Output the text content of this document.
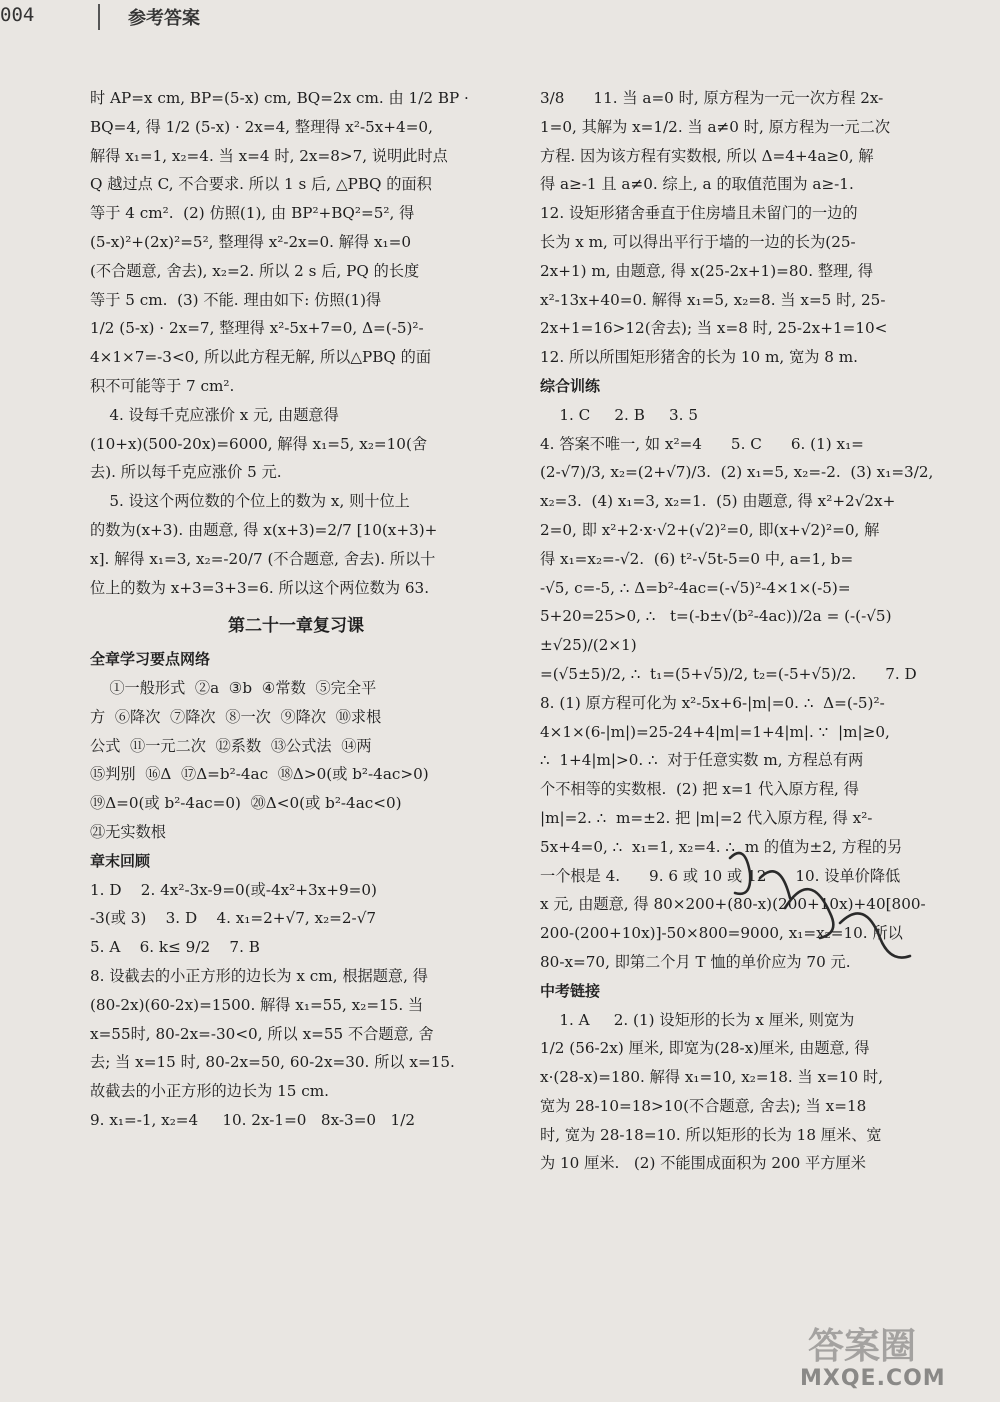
004	参考答案

时 AP=x cm, BP=(5-x) cm, BQ=2x cm. 由 1/2 BP ·

BQ=4, 得 1/2 (5-x) · 2x=4, 整理得 x²-5x+4=0,

解得 x₁=1, x₂=4. 当 x=4 时, 2x=8>7, 说明此时点

Q 越过点 C, 不合要求. 所以 1 s 后, △PBQ 的面积

等于 4 cm².  (2) 仿照(1), 由 BP²+BQ²=5², 得

(5-x)²+(2x)²=5², 整理得 x²-2x=0. 解得 x₁=0

(不合题意, 舍去), x₂=2. 所以 2 s 后, PQ 的长度

等于 5 cm.  (3) 不能. 理由如下: 仿照(1)得

1/2 (5-x) · 2x=7, 整理得 x²-5x+7=0, Δ=(-5)²-

4×1×7=-3<0, 所以此方程无解, 所以△PBQ 的面

积不可能等于 7 cm².

4. 设每千克应涨价 x 元, 由题意得

(10+x)(500-20x)=6000, 解得 x₁=5, x₂=10(舍

去). 所以每千克应涨价 5 元.

5. 设这个两位数的个位上的数为 x, 则十位上

的数为(x+3). 由题意, 得 x(x+3)=2/7 [10(x+3)+

x]. 解得 x₁=3, x₂=-20/7 (不合题意, 舍去). 所以十

位上的数为 x+3=3+3=6. 所以这个两位数为 63.

第二十一章复习课

全章学习要点网络

①一般形式  ②a  ③b  ④常数  ⑤完全平

方  ⑥降次  ⑦降次  ⑧一次  ⑨降次  ⑩求根

公式  ⑪一元二次  ⑫系数  ⑬公式法  ⑭两

⑮判别  ⑯Δ  ⑰Δ=b²-4ac  ⑱Δ>0(或 b²-4ac>0)

⑲Δ=0(或 b²-4ac=0)  ⑳Δ<0(或 b²-4ac<0)

㉑无实数根

章末回顾

1. D    2. 4x²-3x-9=0(或-4x²+3x+9=0)

-3(或 3)    3. D    4. x₁=2+√7, x₂=2-√7

5. A    6. k≤ 9/2    7. B

8. 设截去的小正方形的边长为 x cm, 根据题意, 得

(80-2x)(60-2x)=1500. 解得 x₁=55, x₂=15. 当

x=55时, 80-2x=-30<0, 所以 x=55 不合题意, 舍

去; 当 x=15 时, 80-2x=50, 60-2x=30. 所以 x=15.

故截去的小正方形的边长为 15 cm.

9. x₁=-1, x₂=4     10. 2x-1=0   8x-3=0   1/2

3/8      11. 当 a=0 时, 原方程为一元一次方程 2x-

1=0, 其解为 x=1/2. 当 a≠0 时, 原方程为一元二次

方程. 因为该方程有实数根, 所以 Δ=4+4a≥0, 解

得 a≥-1 且 a≠0. 综上, a 的取值范围为 a≥-1.

12. 设矩形猪舍垂直于住房墙且未留门的一边的

长为 x m, 可以得出平行于墙的一边的长为(25-

2x+1) m, 由题意, 得 x(25-2x+1)=80. 整理, 得

x²-13x+40=0. 解得 x₁=5, x₂=8. 当 x=5 时, 25-

2x+1=16>12(舍去); 当 x=8 时, 25-2x+1=10<

12. 所以所围矩形猪舍的长为 10 m, 宽为 8 m.

综合训练

1. C     2. B     3. 5

4. 答案不唯一, 如 x²=4      5. C      6. (1) x₁=

(2-√7)/3, x₂=(2+√7)/3.  (2) x₁=5, x₂=-2.  (3) x₁=3/2,

x₂=3.  (4) x₁=3, x₂=1.  (5) 由题意, 得 x²+2√2x+

2=0, 即 x²+2·x·√2+(√2)²=0, 即(x+√2)²=0, 解

得 x₁=x₂=-√2.  (6) t²-√5t-5=0 中, a=1, b=

-√5, c=-5, ∴ Δ=b²-4ac=(-√5)²-4×1×(-5)=

5+20=25>0, ∴   t=(-b±√(b²-4ac))/2a = (-(-√5)±√25)/(2×1)

=(√5±5)/2, ∴  t₁=(5+√5)/2, t₂=(-5+√5)/2.      7. D

8. (1) 原方程可化为 x²-5x+6-|m|=0. ∴  Δ=(-5)²-

4×1×(6-|m|)=25-24+4|m|=1+4|m|. ∵  |m|≥0,

∴  1+4|m|>0. ∴  对于任意实数 m, 方程总有两

个不相等的实数根.  (2) 把 x=1 代入原方程, 得

|m|=2. ∴  m=±2. 把 |m|=2 代入原方程, 得 x²-

5x+4=0, ∴  x₁=1, x₂=4. ∴  m 的值为±2, 方程的另

一个根是 4.      9. 6 或 10 或 12      10. 设单价降低

x 元, 由题意, 得 80×200+(80-x)(200+10x)+40[800-

200-(200+10x)]-50×800=9000, x₁=x₂=10. 所以

80-x=70, 即第二个月 T 恤的单价应为 70 元.

中考链接

1. A     2. (1) 设矩形的长为 x 厘米, 则宽为

1/2 (56-2x) 厘米, 即宽为(28-x)厘米, 由题意, 得

x·(28-x)=180. 解得 x₁=10, x₂=18. 当 x=10 时,

宽为 28-10=18>10(不合题意, 舍去); 当 x=18

时, 宽为 28-18=10. 所以矩形的长为 18 厘米、宽

为 10 厘米.   (2) 不能围成面积为 200 平方厘米

答案圈
MXQE.COM
